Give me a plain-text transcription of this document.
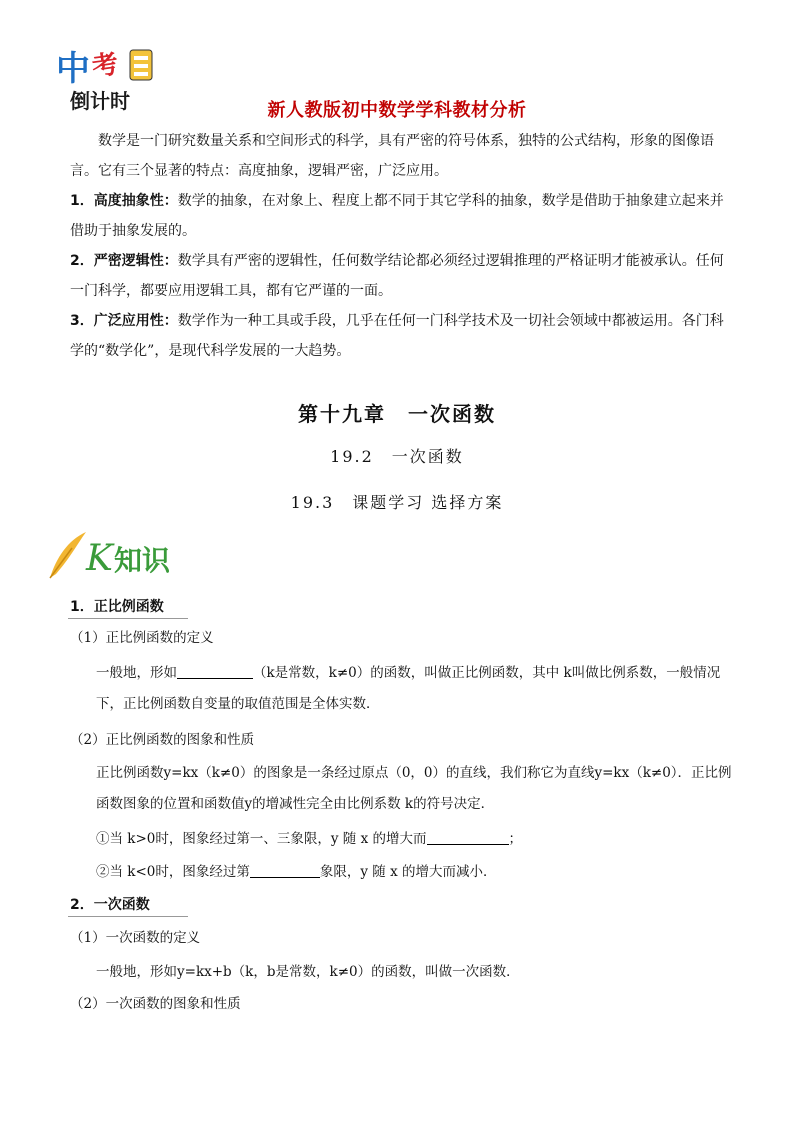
中 考
倒计时	新人教版初中数学学科教材分析
数学是一门研究数量关系和空间形式的科学，具有严密的符号体系，独特的公式结构，形象的图像语言。它有三个显著的特点：高度抽象，逻辑严密，广泛应用。
1．高度抽象性：数学的抽象，在对象上、程度上都不同于其它学科的抽象，数学是借助于抽象建立起来并借助于抽象发展的。
2．严密逻辑性：数学具有严密的逻辑性，任何数学结论都必须经过逻辑推理的严格证明才能被承认。任何一门科学，都要应用逻辑工具，都有它严谨的一面。
3．广泛应用性：数学作为一种工具或手段，几乎在任何一门科学技术及一切社会领域中都被运用。各门科学的“数学化”，是现代科学发展的一大趋势。
第十九章　一次函数
19.2　一次函数
19.3　课题学习 选择方案
K 知识
1．正比例函数
（1）正比例函数的定义
一般地，形如	（k是常数，k≠0）的函数，叫做正比例函数，其中 k叫做比例系数，一般情况
下，正比例函数自变量的取值范围是全体实数．
（2）正比例函数的图象和性质
正比例函数y=kx（k≠0）的图象是一条经过原点（0，0）的直线，我们称它为直线y=kx（k≠0）．正比例
函数图象的位置和函数值y的增减性完全由比例系数 k的符号决定．
①当 k>0时，图象经过第一、三象限，y 随 x 的增大而	；
②当 k<0时，图象经过第	象限，y 随 x 的增大而减小．
2．一次函数
（1）一次函数的定义
一般地，形如y=kx+b（k，b是常数，k≠0）的函数，叫做一次函数．
（2）一次函数的图象和性质
